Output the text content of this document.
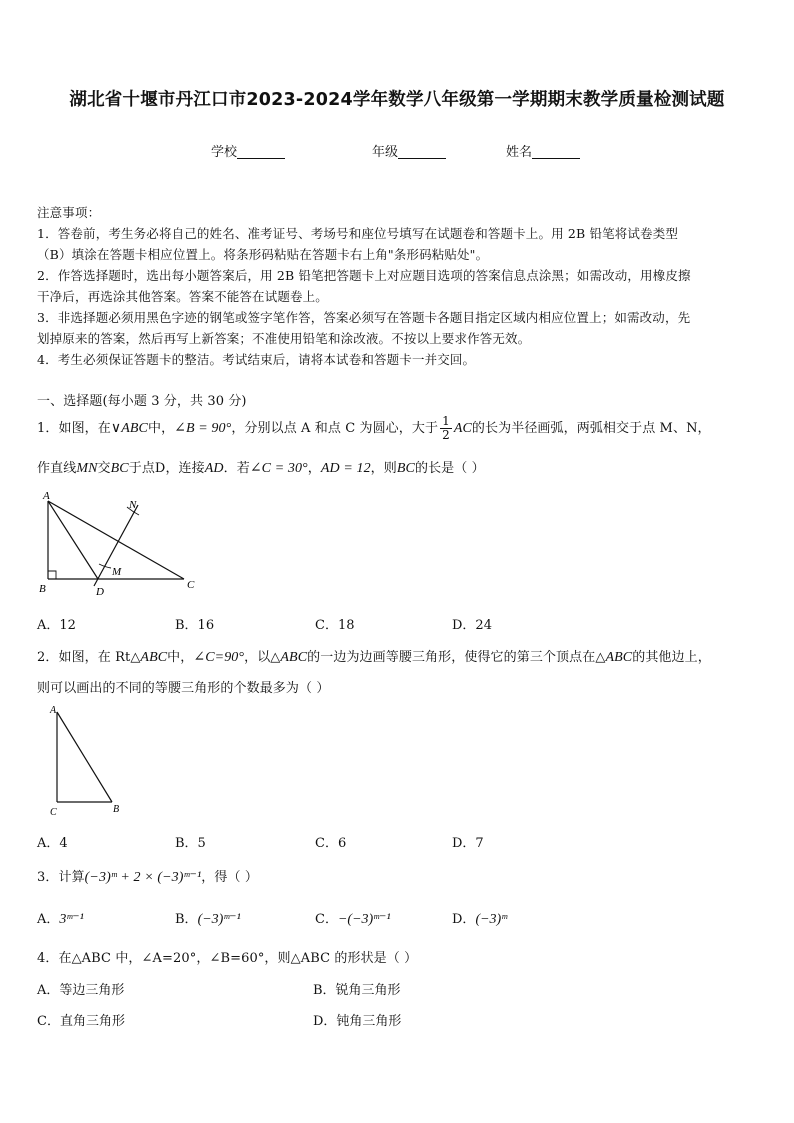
湖北省十堰市丹江口市2023-2024学年数学八年级第一学期期末教学质量检测试题
学校	年级	姓名
注意事项：
1．答卷前，考生务必将自己的姓名、准考证号、考场号和座位号填写在试题卷和答题卡上。用 2B 铅笔将试卷类型
（B）填涂在答题卡相应位置上。将条形码粘贴在答题卡右上角"条形码粘贴处"。
2．作答选择题时，选出每小题答案后，用 2B 铅笔把答题卡上对应题目选项的答案信息点涂黑；如需改动，用橡皮擦
干净后，再选涂其他答案。答案不能答在试题卷上。
3．非选择题必须用黑色字迹的钢笔或签字笔作答，答案必须写在答题卡各题目指定区域内相应位置上；如需改动，先
划掉原来的答案，然后再写上新答案；不准使用铅笔和涂改液。不按以上要求作答无效。
4．考生必须保证答题卡的整洁。考试结束后，请将本试卷和答题卡一并交回。
一、选择题(每小题 3 分，共 30 分)
1．如图，在∨ABC中，∠B = 90°，分别以点 A 和点 C 为圆心，大于 $\frac{1}{2}$ AC的长为半径画弧，两弧相交于点 M、N，
作直线MN交BC于点D，连接AD．若∠C = 30°，AD = 12，则BC的长是（ ）
A
B	C
D
M
N
A．12	B．16	C．18	D．24
2．如图，在 Rt△ABC中，∠C=90°，以△ABC的一边为边画等腰三角形，使得它的第三个顶点在△ABC的其他边上，
则可以画出的不同的等腰三角形的个数最多为（ ）
A
C	B
A．4	B．5	C．6	D．7
3．计算(−3)ᵐ + 2 × (−3)ᵐ⁻¹，得（ ）
A．3ᵐ⁻¹	B．(−3)ᵐ⁻¹	C．−(−3)ᵐ⁻¹	D．(−3)ᵐ
4．在△ABC 中，∠A=20°，∠B=60°，则△ABC 的形状是（ ）
A．等边三角形	B．锐角三角形
C．直角三角形	D．钝角三角形
